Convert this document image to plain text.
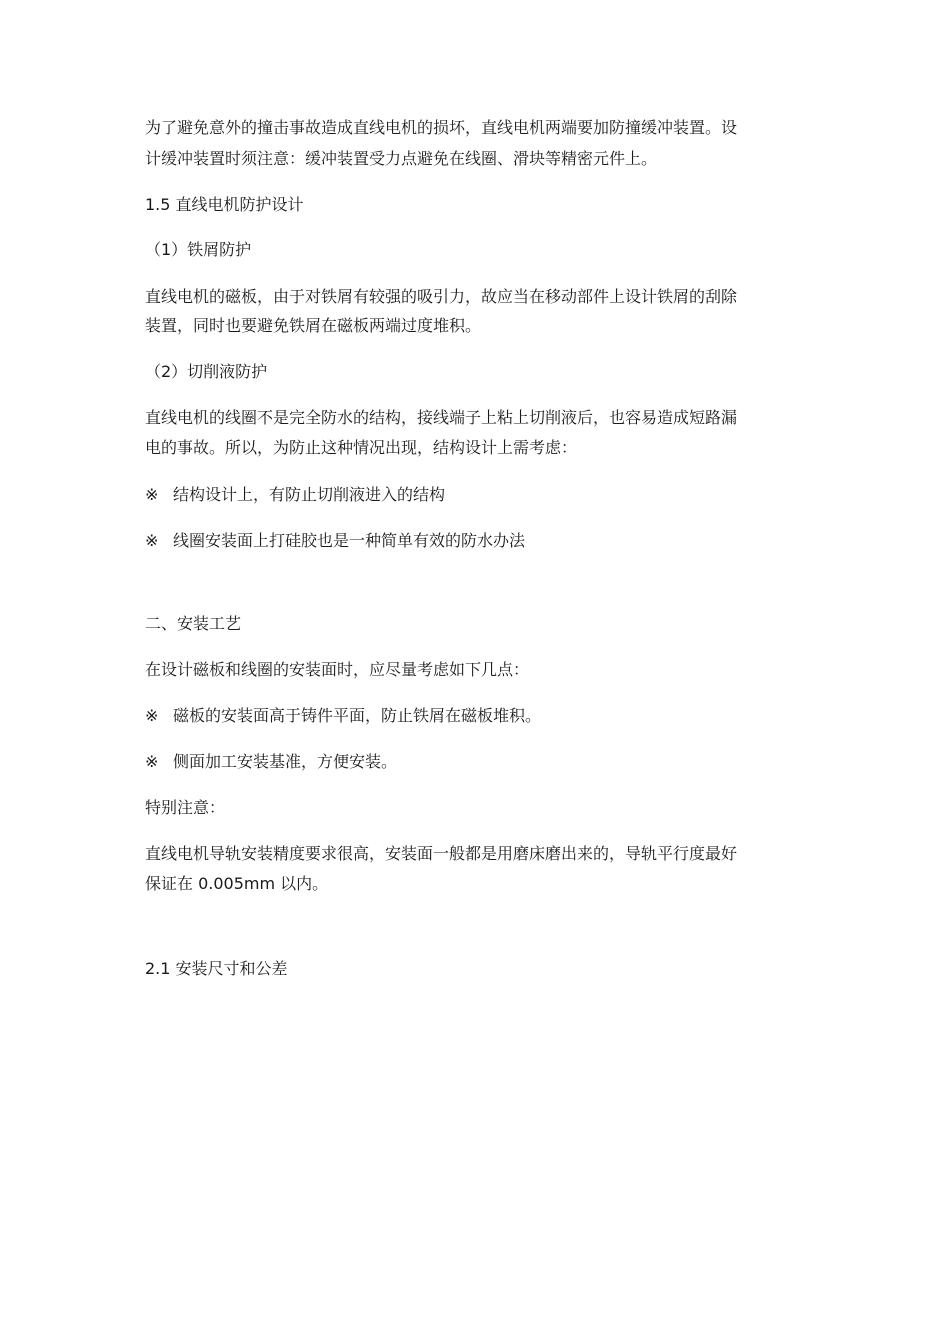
为了避免意外的撞击事故造成直线电机的损坏，直线电机两端要加防撞缓冲装置。设
计缓冲装置时须注意：缓冲装置受力点避免在线圈、滑块等精密元件上。
1.5 直线电机防护设计
（1）铁屑防护
直线电机的磁板，由于对铁屑有较强的吸引力，故应当在移动部件上设计铁屑的刮除
装置，同时也要避免铁屑在磁板两端过度堆积。
（2）切削液防护
直线电机的线圈不是完全防水的结构，接线端子上粘上切削液后，也容易造成短路漏
电的事故。所以，为防止这种情况出现，结构设计上需考虑：
※ 结构设计上，有防止切削液进入的结构
※ 线圈安装面上打硅胶也是一种简单有效的防水办法
二、安装工艺
在设计磁板和线圈的安装面时，应尽量考虑如下几点：
※ 磁板的安装面高于铸件平面，防止铁屑在磁板堆积。
※ 侧面加工安装基准，方便安装。
特别注意：
直线电机导轨安装精度要求很高，安装面一般都是用磨床磨出来的，导轨平行度最好
保证在 0.005mm 以内。
2.1 安装尺寸和公差
